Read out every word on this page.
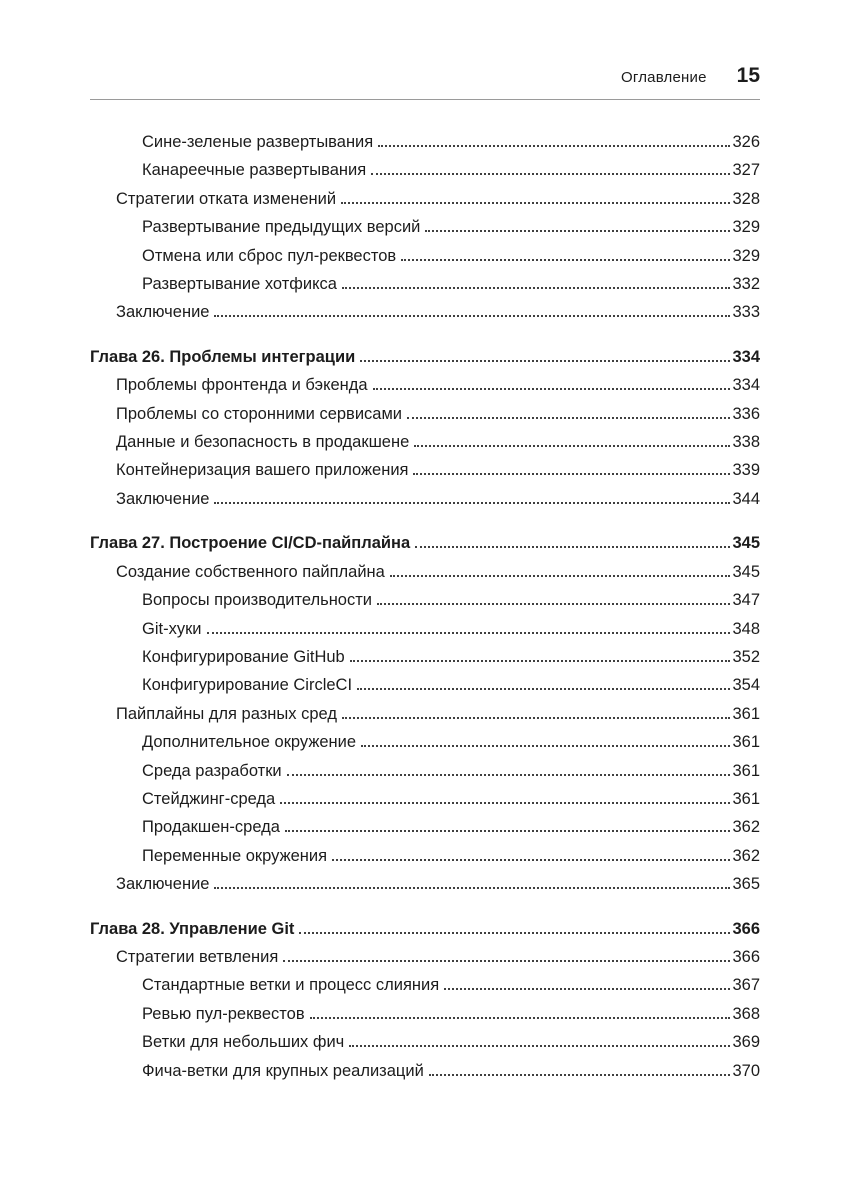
Оглавление 15
Сине-зеленые развертывания	326
Канареечные развертывания	327
Стратегии отката изменений	328
Развертывание предыдущих версий	329
Отмена или сброс пул-реквестов	329
Развертывание хотфикса	332
Заключение	333
Глава 26. Проблемы интеграции	334
Проблемы фронтенда и бэкенда	334
Проблемы со сторонними сервисами	336
Данные и безопасность в продакшене	338
Контейнеризация вашего приложения	339
Заключение	344
Глава 27. Построение CI/CD-пайплайна	345
Создание собственного пайплайна	345
Вопросы производительности	347
Git-хуки	348
Конфигурирование GitHub	352
Конфигурирование CircleCI	354
Пайплайны для разных сред	361
Дополнительное окружение	361
Среда разработки	361
Стейджинг-среда	361
Продакшен-среда	362
Переменные окружения	362
Заключение	365
Глава 28. Управление Git	366
Стратегии ветвления	366
Стандартные ветки и процесс слияния	367
Ревью пул-реквестов	368
Ветки для небольших фич	369
Фича-ветки для крупных реализаций	370
